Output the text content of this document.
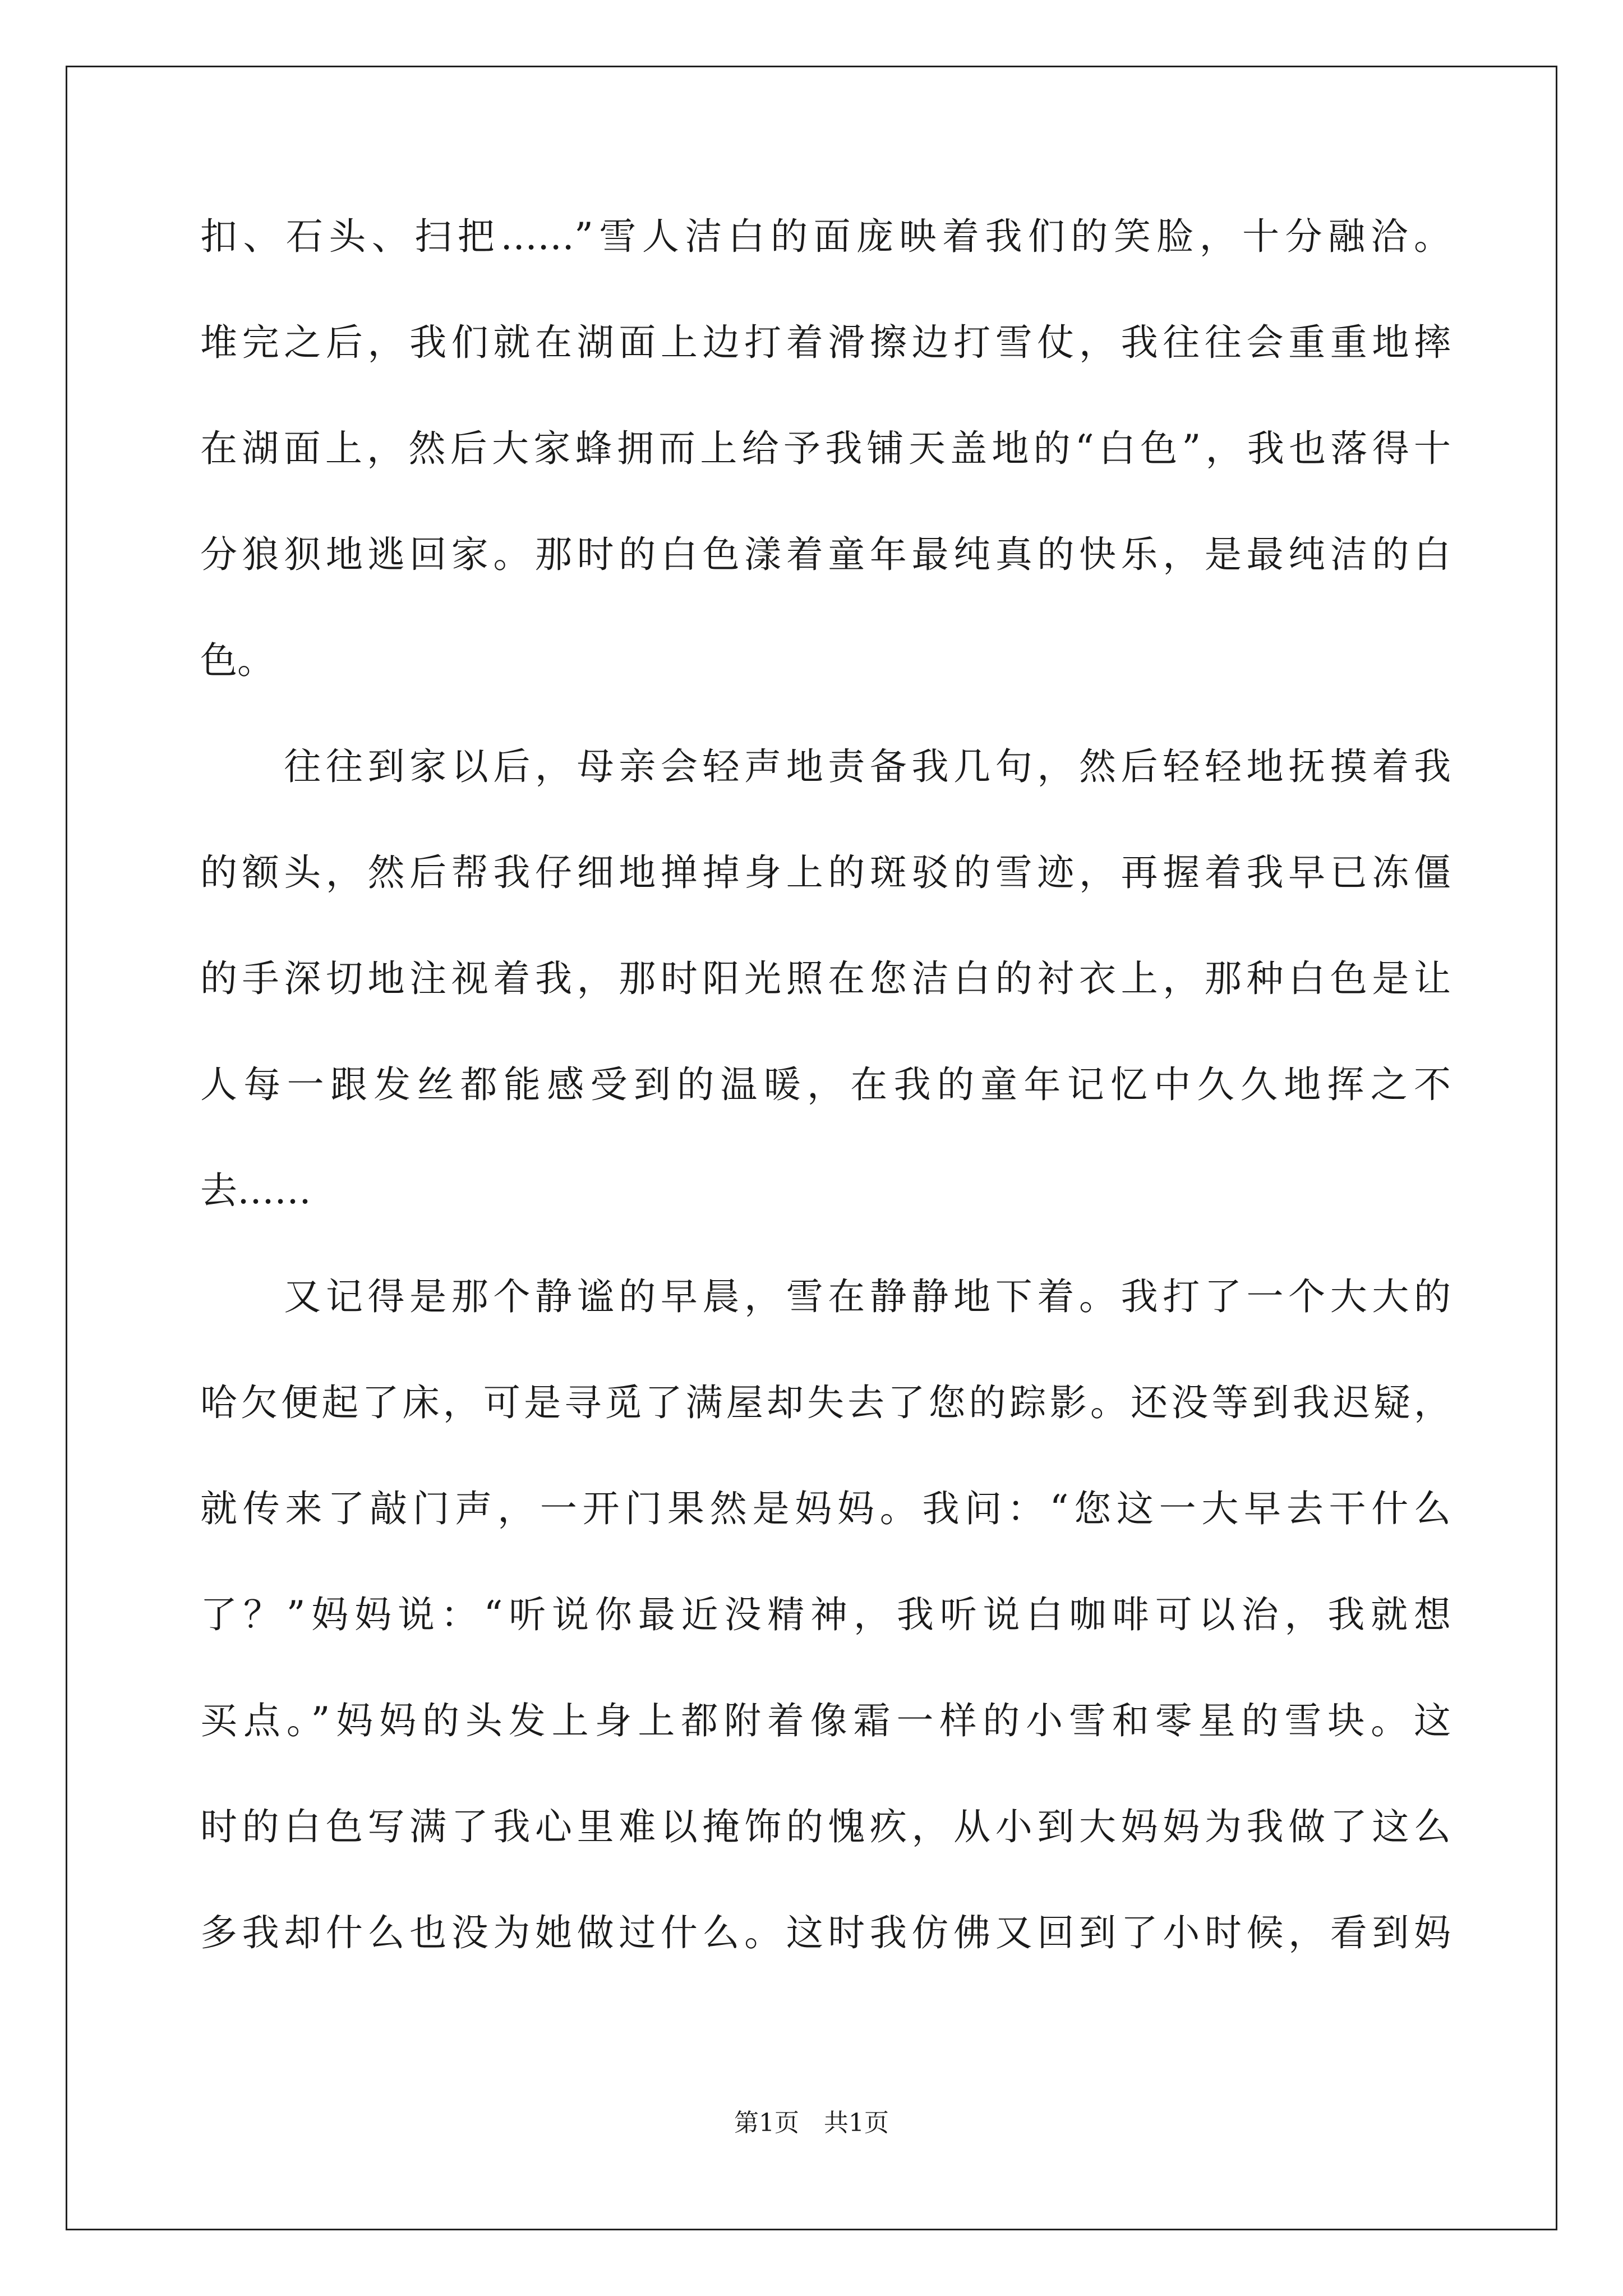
扣、石头、扫把……”雪人洁白的面庞映着我们的笑脸，十分融洽。
堆完之后，我们就在湖面上边打着滑擦边打雪仗，我往往会重重地摔
在湖面上，然后大家蜂拥而上给予我铺天盖地的“白色”，我也落得十
分狼狈地逃回家。那时的白色漾着童年最纯真的快乐，是最纯洁的白
色。
　　往往到家以后，母亲会轻声地责备我几句，然后轻轻地抚摸着我
的额头，然后帮我仔细地掸掉身上的斑驳的雪迹，再握着我早已冻僵
的手深切地注视着我，那时阳光照在您洁白的衬衣上，那种白色是让
人每一跟发丝都能感受到的温暖，在我的童年记忆中久久地挥之不
去……
　　又记得是那个静谧的早晨，雪在静静地下着。我打了一个大大的
哈欠便起了床，可是寻觅了满屋却失去了您的踪影。还没等到我迟疑，
就传来了敲门声，一开门果然是妈妈。我问：“您这一大早去干什么
了？”妈妈说：“听说你最近没精神，我听说白咖啡可以治，我就想
买点。”妈妈的头发上身上都附着像霜一样的小雪和零星的雪块。这
时的白色写满了我心里难以掩饰的愧疚，从小到大妈妈为我做了这么
多我却什么也没为她做过什么。这时我仿佛又回到了小时候，看到妈
第1页　共1页
